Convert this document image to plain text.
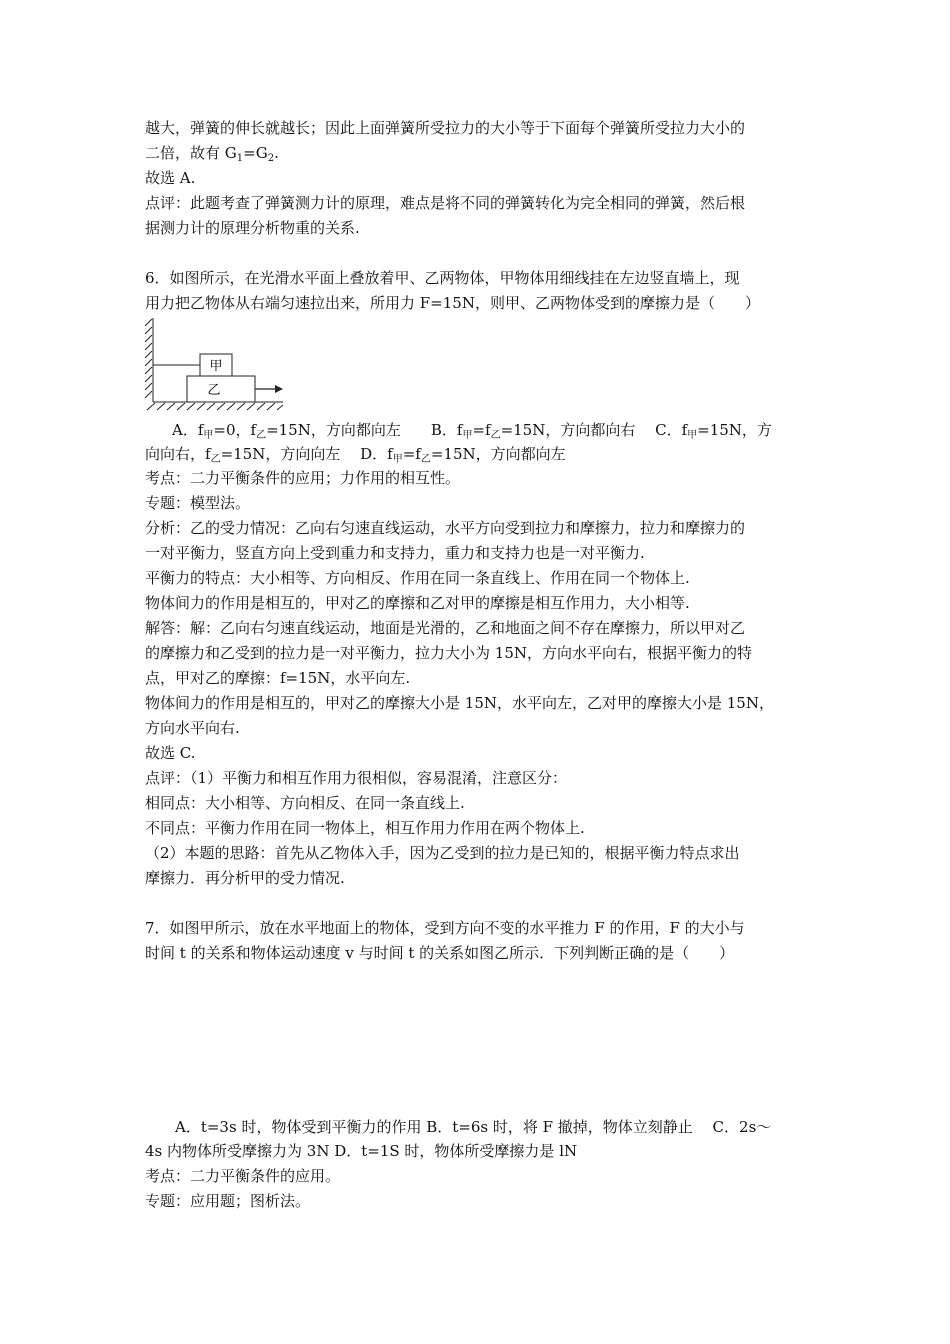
越大，弹簧的伸长就越长；因此上面弹簧所受拉力的大小等于下面每个弹簧所受拉力大小的
二倍，故有 $G_1=G_2$.
故选 A.
点评：此题考查了弹簧测力计的原理，难点是将不同的弹簧转化为完全相同的弹簧，然后根
据测力计的原理分析物重的关系.
6．如图所示，在光滑水平面上叠放着甲、乙两物体，甲物体用细线挂在左边竖直墙上，现
用力把乙物体从右端匀速拉出来，所用力 F=15N，则甲、乙两物体受到的摩擦力是（　　）
甲
乙
A．$f_甲=0$，$f_乙=15N$，方向都向左　　 B．$f_甲=f_乙=15N$，方向都向右　 C．$f_甲=15N$，方
向向右，$f_乙=15N$，方向向左　 D．$f_甲=f_乙=15N$，方向都向左
考点：二力平衡条件的应用；力作用的相互性。
专题：模型法。
分析：乙的受力情况：乙向右匀速直线运动，水平方向受到拉力和摩擦力，拉力和摩擦力的
一对平衡力，竖直方向上受到重力和支持力，重力和支持力也是一对平衡力.
平衡力的特点：大小相等、方向相反、作用在同一条直线上、作用在同一个物体上.
物体间力的作用是相互的，甲对乙的摩擦和乙对甲的摩擦是相互作用力，大小相等.
解答：解：乙向右匀速直线运动，地面是光滑的，乙和地面之间不存在摩擦力，所以甲对乙
的摩擦力和乙受到的拉力是一对平衡力，拉力大小为 15N，方向水平向右，根据平衡力的特
点，甲对乙的摩擦：f=15N，水平向左.
物体间力的作用是相互的，甲对乙的摩擦大小是 15N，水平向左，乙对甲的摩擦大小是 15N，
方向水平向右.
故选 C.
点评：（1）平衡力和相互作用力很相似，容易混淆，注意区分：
相同点：大小相等、方向相反、在同一条直线上.
不同点：平衡力作用在同一物体上，相互作用力作用在两个物体上.
（2）本题的思路：首先从乙物体入手，因为乙受到的拉力是已知的，根据平衡力特点求出
摩擦力．再分析甲的受力情况.
7．如图甲所示，放在水平地面上的物体，受到方向不变的水平推力 F 的作用，F 的大小与
时间 t 的关系和物体运动速度 v 与时间 t 的关系如图乙所示．下列判断正确的是（　　）
A．t=3s 时，物体受到平衡力的作用 B．t=6s 时，将 F 撤掉，物体立刻静止　 C．2s～
4s 内物体所受摩擦力为 3N D．t=1S 时，物体所受摩擦力是 lN
考点：二力平衡条件的应用。
专题：应用题；图析法。
